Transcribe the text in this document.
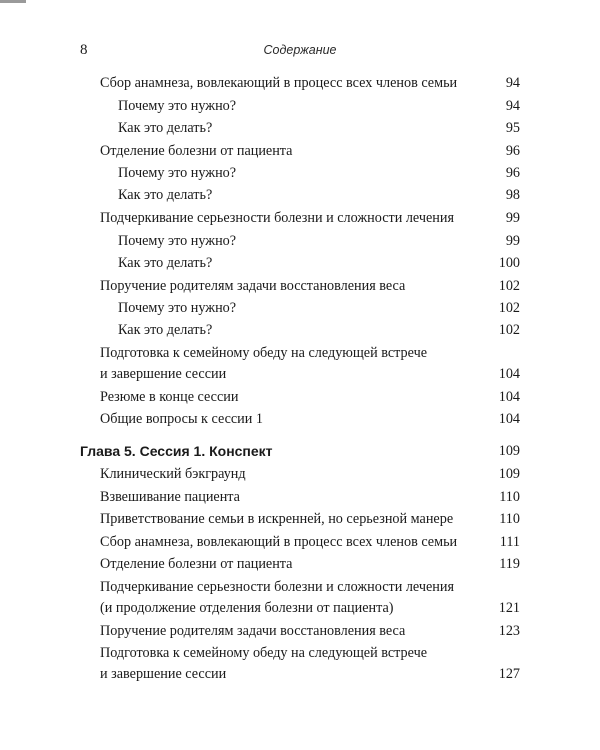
8	Содержание
Сбор анамнеза, вовлекающий в процесс всех членов семьи	94
Почему это нужно?	94
Как это делать?	95
Отделение болезни от пациента	96
Почему это нужно?	96
Как это делать?	98
Подчеркивание серьезности болезни и сложности лечения	99
Почему это нужно?	99
Как это делать?	100
Поручение родителям задачи восстановления веса	102
Почему это нужно?	102
Как это делать?	102
Подготовка к семейному обеду на следующей встрече
и завершение сессии	104
Резюме в конце сессии	104
Общие вопросы к сессии 1	104
Глава 5. Сессия 1. Конспект	109
Клинический бэкграунд	109
Взвешивание пациента	110
Приветствование семьи в искренней, но серьезной манере	110
Сбор анамнеза, вовлекающий в процесс всех членов семьи	111
Отделение болезни от пациента	119
Подчеркивание серьезности болезни и сложности лечения
(и продолжение отделения болезни от пациента)	121
Поручение родителям задачи восстановления веса	123
Подготовка к семейному обеду на следующей встрече
и завершение сессии	127
